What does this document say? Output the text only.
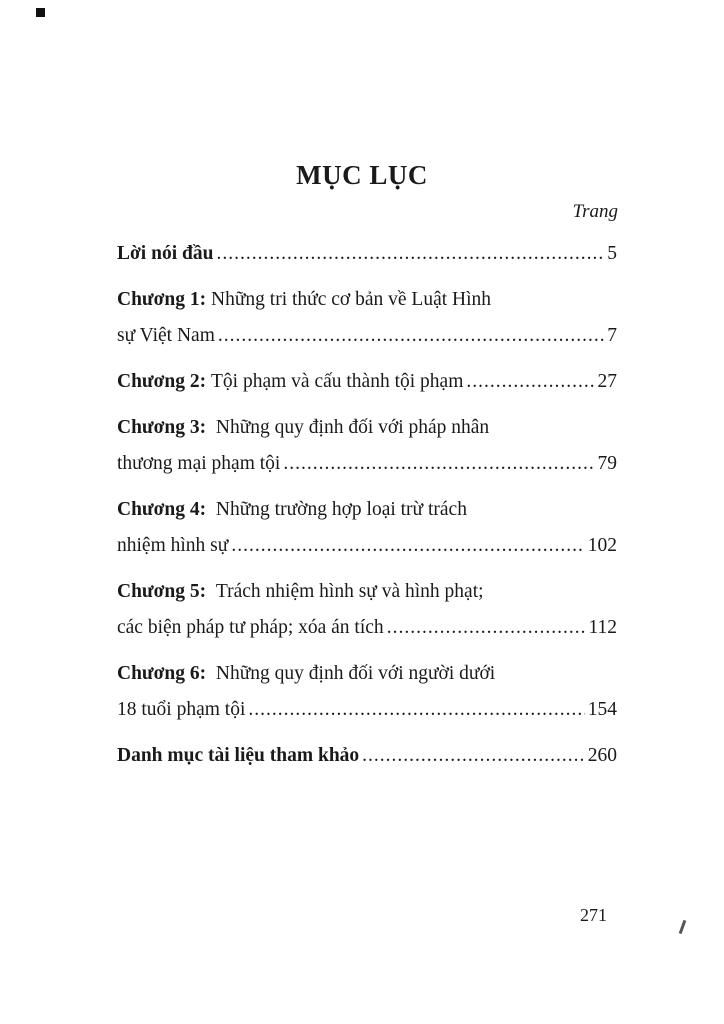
MỤC LỤC
Trang
Lời nói đầu .....	5
Chương 1: Những tri thức cơ bản về Luật Hình
sự Việt Nam .....	7
Chương 2:
Tội phạm và cấu thành tội phạm .....	27
Chương 3:
Những quy định đối với pháp nhân
thương mại phạm tội .....	79
Chương 4:
Những trường hợp loại trừ trách
nhiệm hình sự .....	102
Chương 5:
Trách nhiệm hình sự và hình phạt;
các biện pháp tư pháp; xóa án tích .....	112
Chương 6:
Những quy định đối với người dưới
18 tuổi phạm tội .....	154
Danh mục tài liệu tham khảo .....	260
271
